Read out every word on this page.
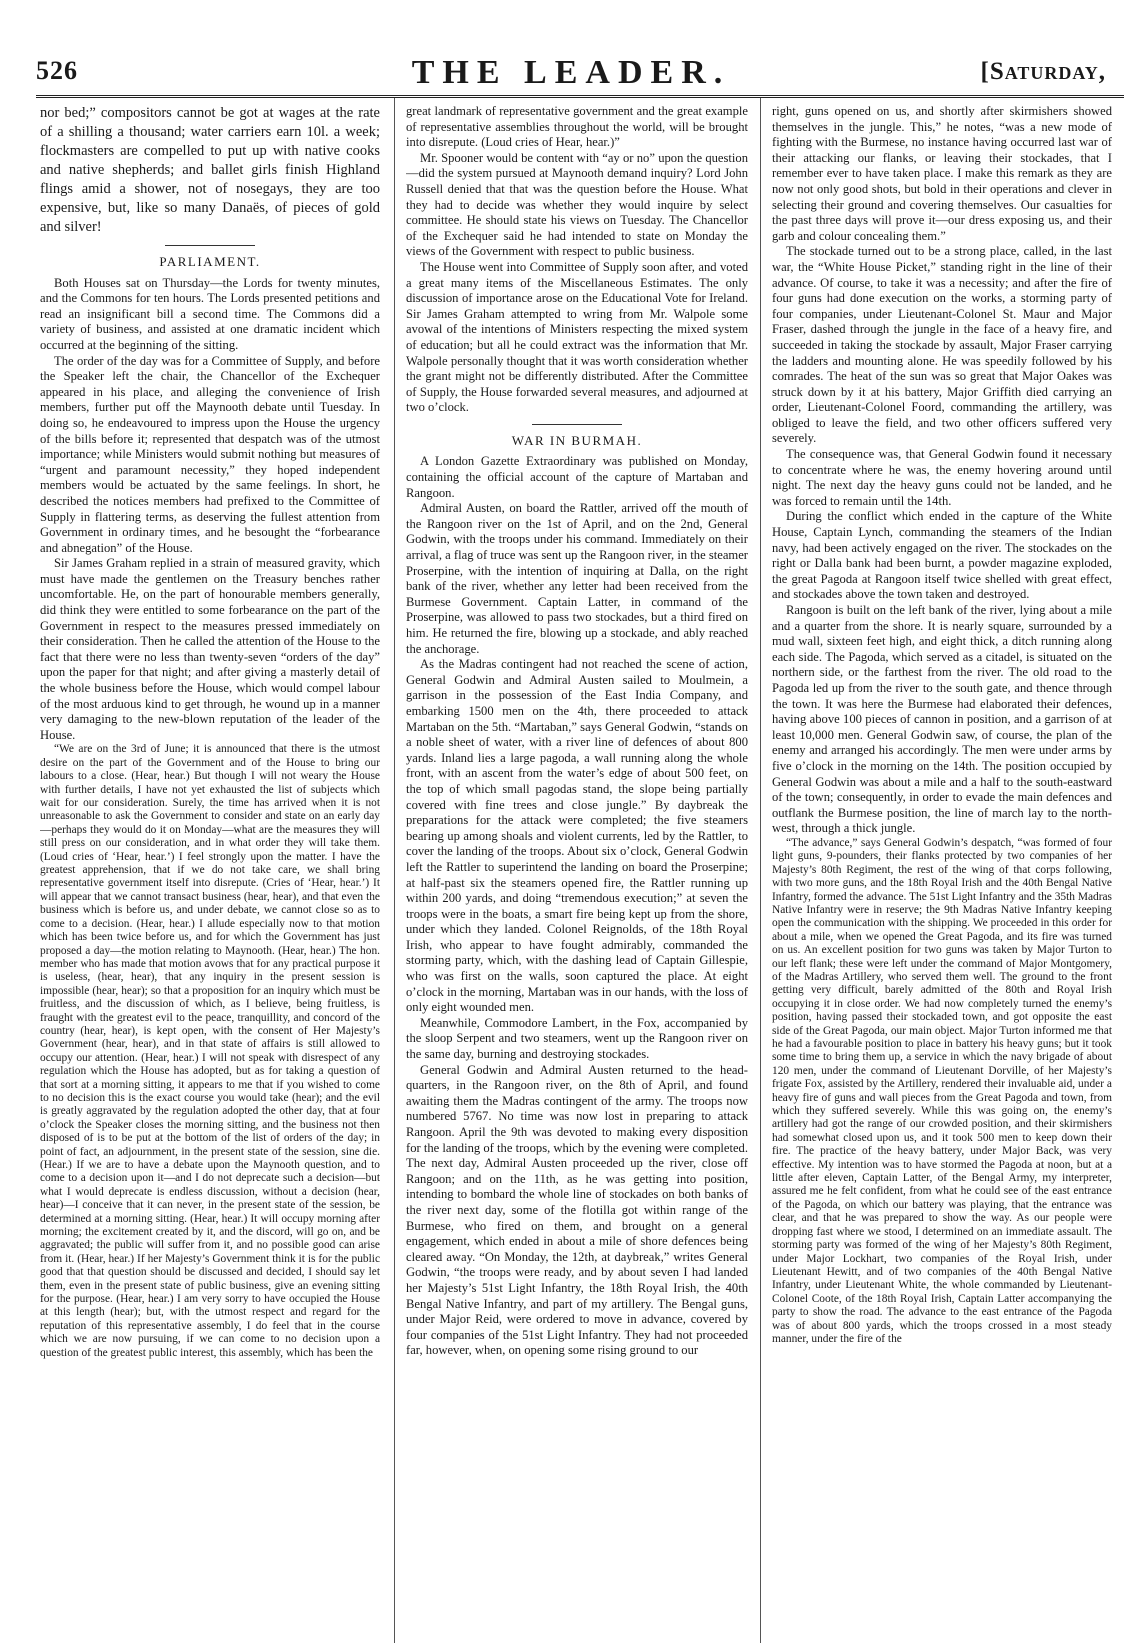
526	THE LEADER.	[Saturday,

nor bed;” compositors cannot be got at wages at the rate of a shilling a thousand; water carriers earn 10l. a week; flockmasters are compelled to put up with native cooks and native shepherds; and ballet girls finish Highland flings amid a shower, not of nosegays, they are too expensive, but, like so many Danaës, of pieces of gold and silver!

PARLIAMENT.

Both Houses sat on Thursday—the Lords for twenty minutes, and the Commons for ten hours. The Lords presented petitions and read an insignificant bill a second time. The Commons did a variety of business, and assisted at one dramatic incident which occurred at the beginning of the sitting.

The order of the day was for a Committee of Supply, and before the Speaker left the chair, the Chancellor of the Exchequer appeared in his place, and alleging the convenience of Irish members, further put off the Maynooth debate until Tuesday. In doing so, he endeavoured to impress upon the House the urgency of the bills before it; represented that despatch was of the utmost importance; while Ministers would submit nothing but measures of “urgent and paramount necessity,” they hoped independent members would be actuated by the same feelings. In short, he described the notices members had prefixed to the Committee of Supply in flattering terms, as deserving the fullest attention from Government in ordinary times, and he besought the “forbearance and abnegation” of the House.

Sir James Graham replied in a strain of measured gravity, which must have made the gentlemen on the Treasury benches rather uncomfortable. He, on the part of honourable members generally, did think they were entitled to some forbearance on the part of the Government in respect to the measures pressed immediately on their consideration. Then he called the attention of the House to the fact that there were no less than twenty-seven “orders of the day” upon the paper for that night; and after giving a masterly detail of the whole business before the House, which would compel labour of the most arduous kind to get through, he wound up in a manner very damaging to the new-blown reputation of the leader of the House.

“We are on the 3rd of June; it is announced that there is the utmost desire on the part of the Government and of the House to bring our labours to a close. (Hear, hear.) But though I will not weary the House with further details, I have not yet exhausted the list of subjects which wait for our consideration. Surely, the time has arrived when it is not unreasonable to ask the Government to consider and state on an early day—perhaps they would do it on Monday—what are the measures they will still press on our consideration, and in what order they will take them. (Loud cries of ‘Hear, hear.’) I feel strongly upon the matter. I have the greatest apprehension, that if we do not take care, we shall bring representative government itself into disrepute. (Cries of ‘Hear, hear.’) It will appear that we cannot transact business (hear, hear), and that even the business which is before us, and under debate, we cannot close so as to come to a decision. (Hear, hear.) I allude especially now to that motion which has been twice before us, and for which the Government has just proposed a day—the motion relating to Maynooth. (Hear, hear.) The hon. member who has made that motion avows that for any practical purpose it is useless, (hear, hear), that any inquiry in the present session is impossible (hear, hear); so that a proposition for an inquiry which must be fruitless, and the discussion of which, as I believe, being fruitless, is fraught with the greatest evil to the peace, tranquillity, and concord of the country (hear, hear), is kept open, with the consent of Her Majesty’s Government (hear, hear), and in that state of affairs is still allowed to occupy our attention. (Hear, hear.) I will not speak with disrespect of any regulation which the House has adopted, but as for taking a question of that sort at a morning sitting, it appears to me that if you wished to come to no decision this is the exact course you would take (hear); and the evil is greatly aggravated by the regulation adopted the other day, that at four o’clock the Speaker closes the morning sitting, and the business not then disposed of is to be put at the bottom of the list of orders of the day; in point of fact, an adjournment, in the present state of the session, sine die. (Hear.) If we are to have a debate upon the Maynooth question, and to come to a decision upon it—and I do not deprecate such a decision—but what I would deprecate is endless discussion, without a decision (hear, hear)—I conceive that it can never, in the present state of the session, be determined at a morning sitting. (Hear, hear.) It will occupy morning after morning; the excitement created by it, and the discord, will go on, and be aggravated; the public will suffer from it, and no possible good can arise from it. (Hear, hear.) If her Majesty’s Government think it is for the public good that that question should be discussed and decided, I should say let them, even in the present state of public business, give an evening sitting for the purpose. (Hear, hear.) I am very sorry to have occupied the House at this length (hear); but, with the utmost respect and regard for the reputation of this representative assembly, I do feel that in the course which we are now pursuing, if we can come to no decision upon a question of the greatest public interest, this assembly, which has been the

great landmark of representative government and the great example of representative assemblies throughout the world, will be brought into disrepute. (Loud cries of Hear, hear.)”

Mr. Spooner would be content with “ay or no” upon the question—did the system pursued at Maynooth demand inquiry? Lord John Russell denied that that was the question before the House. What they had to decide was whether they would inquire by select committee. He should state his views on Tuesday. The Chancellor of the Exchequer said he had intended to state on Monday the views of the Government with respect to public business.

The House went into Committee of Supply soon after, and voted a great many items of the Miscellaneous Estimates. The only discussion of importance arose on the Educational Vote for Ireland. Sir James Graham attempted to wring from Mr. Walpole some avowal of the intentions of Ministers respecting the mixed system of education; but all he could extract was the information that Mr. Walpole personally thought that it was worth consideration whether the grant might not be differently distributed. After the Committee of Supply, the House forwarded several measures, and adjourned at two o’clock.

WAR IN BURMAH.

A London Gazette Extraordinary was published on Monday, containing the official account of the capture of Martaban and Rangoon.

Admiral Austen, on board the Rattler, arrived off the mouth of the Rangoon river on the 1st of April, and on the 2nd, General Godwin, with the troops under his command. Immediately on their arrival, a flag of truce was sent up the Rangoon river, in the steamer Proserpine, with the intention of inquiring at Dalla, on the right bank of the river, whether any letter had been received from the Burmese Government. Captain Latter, in command of the Proserpine, was allowed to pass two stockades, but a third fired on him. He returned the fire, blowing up a stockade, and ably reached the anchorage.

As the Madras contingent had not reached the scene of action, General Godwin and Admiral Austen sailed to Moulmein, a garrison in the possession of the East India Company, and embarking 1500 men on the 4th, there proceeded to attack Martaban on the 5th. “Martaban,” says General Godwin, “stands on a noble sheet of water, with a river line of defences of about 800 yards. Inland lies a large pagoda, a wall running along the whole front, with an ascent from the water’s edge of about 500 feet, on the top of which small pagodas stand, the slope being partially covered with fine trees and close jungle.” By daybreak the preparations for the attack were completed; the five steamers bearing up among shoals and violent currents, led by the Rattler, to cover the landing of the troops. About six o’clock, General Godwin left the Rattler to superintend the landing on board the Proserpine; at half-past six the steamers opened fire, the Rattler running up within 200 yards, and doing “tremendous execution;” at seven the troops were in the boats, a smart fire being kept up from the shore, under which they landed. Colonel Reignolds, of the 18th Royal Irish, who appear to have fought admirably, commanded the storming party, which, with the dashing lead of Captain Gillespie, who was first on the walls, soon captured the place. At eight o’clock in the morning, Martaban was in our hands, with the loss of only eight wounded men.

Meanwhile, Commodore Lambert, in the Fox, accompanied by the sloop Serpent and two steamers, went up the Rangoon river on the same day, burning and destroying stockades.

General Godwin and Admiral Austen returned to the head-quarters, in the Rangoon river, on the 8th of April, and found awaiting them the Madras contingent of the army. The troops now numbered 5767. No time was now lost in preparing to attack Rangoon. April the 9th was devoted to making every disposition for the landing of the troops, which by the evening were completed. The next day, Admiral Austen proceeded up the river, close off Rangoon; and on the 11th, as he was getting into position, intending to bombard the whole line of stockades on both banks of the river next day, some of the flotilla got within range of the Burmese, who fired on them, and brought on a general engagement, which ended in about a mile of shore defences being cleared away. “On Monday, the 12th, at daybreak,” writes General Godwin, “the troops were ready, and by about seven I had landed her Majesty’s 51st Light Infantry, the 18th Royal Irish, the 40th Bengal Native Infantry, and part of my artillery. The Bengal guns, under Major Reid, were ordered to move in advance, covered by four companies of the 51st Light Infantry. They had not proceeded far, however, when, on opening some rising ground to our

right, guns opened on us, and shortly after skirmishers showed themselves in the jungle. This,” he notes, “was a new mode of fighting with the Burmese, no instance having occurred last war of their attacking our flanks, or leaving their stockades, that I remember ever to have taken place. I make this remark as they are now not only good shots, but bold in their operations and clever in selecting their ground and covering themselves. Our casualties for the past three days will prove it—our dress exposing us, and their garb and colour concealing them.”

The stockade turned out to be a strong place, called, in the last war, the “White House Picket,” standing right in the line of their advance. Of course, to take it was a necessity; and after the fire of four guns had done execution on the works, a storming party of four companies, under Lieutenant-Colonel St. Maur and Major Fraser, dashed through the jungle in the face of a heavy fire, and succeeded in taking the stockade by assault, Major Fraser carrying the ladders and mounting alone. He was speedily followed by his comrades. The heat of the sun was so great that Major Oakes was struck down by it at his battery, Major Griffith died carrying an order, Lieutenant-Colonel Foord, commanding the artillery, was obliged to leave the field, and two other officers suffered very severely.

The consequence was, that General Godwin found it necessary to concentrate where he was, the enemy hovering around until night. The next day the heavy guns could not be landed, and he was forced to remain until the 14th.

During the conflict which ended in the capture of the White House, Captain Lynch, commanding the steamers of the Indian navy, had been actively engaged on the river. The stockades on the right or Dalla bank had been burnt, a powder magazine exploded, the great Pagoda at Rangoon itself twice shelled with great effect, and stockades above the town taken and destroyed.

Rangoon is built on the left bank of the river, lying about a mile and a quarter from the shore. It is nearly square, surrounded by a mud wall, sixteen feet high, and eight thick, a ditch running along each side. The Pagoda, which served as a citadel, is situated on the northern side, or the farthest from the river. The old road to the Pagoda led up from the river to the south gate, and thence through the town. It was here the Burmese had elaborated their defences, having above 100 pieces of cannon in position, and a garrison of at least 10,000 men. General Godwin saw, of course, the plan of the enemy and arranged his accordingly. The men were under arms by five o’clock in the morning on the 14th. The position occupied by General Godwin was about a mile and a half to the south-eastward of the town; consequently, in order to evade the main defences and outflank the Burmese position, the line of march lay to the north-west, through a thick jungle.

“The advance,” says General Godwin’s despatch, “was formed of four light guns, 9-pounders, their flanks protected by two companies of her Majesty’s 80th Regiment, the rest of the wing of that corps following, with two more guns, and the 18th Royal Irish and the 40th Bengal Native Infantry, formed the advance. The 51st Light Infantry and the 35th Madras Native Infantry were in reserve; the 9th Madras Native Infantry keeping open the communication with the shipping. We proceeded in this order for about a mile, when we opened the Great Pagoda, and its fire was turned on us. An excellent position for two guns was taken by Major Turton to our left flank; these were left under the command of Major Montgomery, of the Madras Artillery, who served them well. The ground to the front getting very difficult, barely admitted of the 80th and Royal Irish occupying it in close order. We had now completely turned the enemy’s position, having passed their stockaded town, and got opposite the east side of the Great Pagoda, our main object. Major Turton informed me that he had a favourable position to place in battery his heavy guns; but it took some time to bring them up, a service in which the navy brigade of about 120 men, under the command of Lieutenant Dorville, of her Majesty’s frigate Fox, assisted by the Artillery, rendered their invaluable aid, under a heavy fire of guns and wall pieces from the Great Pagoda and town, from which they suffered severely. While this was going on, the enemy’s artillery had got the range of our crowded position, and their skirmishers had somewhat closed upon us, and it took 500 men to keep down their fire. The practice of the heavy battery, under Major Back, was very effective. My intention was to have stormed the Pagoda at noon, but at a little after eleven, Captain Latter, of the Bengal Army, my interpreter, assured me he felt confident, from what he could see of the east entrance of the Pagoda, on which our battery was playing, that the entrance was clear, and that he was prepared to show the way. As our people were dropping fast where we stood, I determined on an immediate assault. The storming party was formed of the wing of her Majesty’s 80th Regiment, under Major Lockhart, two companies of the Royal Irish, under Lieutenant Hewitt, and of two companies of the 40th Bengal Native Infantry, under Lieutenant White, the whole commanded by Lieutenant-Colonel Coote, of the 18th Royal Irish, Captain Latter accompanying the party to show the road. The advance to the east entrance of the Pagoda was of about 800 yards, which the troops crossed in a most steady manner, under the fire of the
